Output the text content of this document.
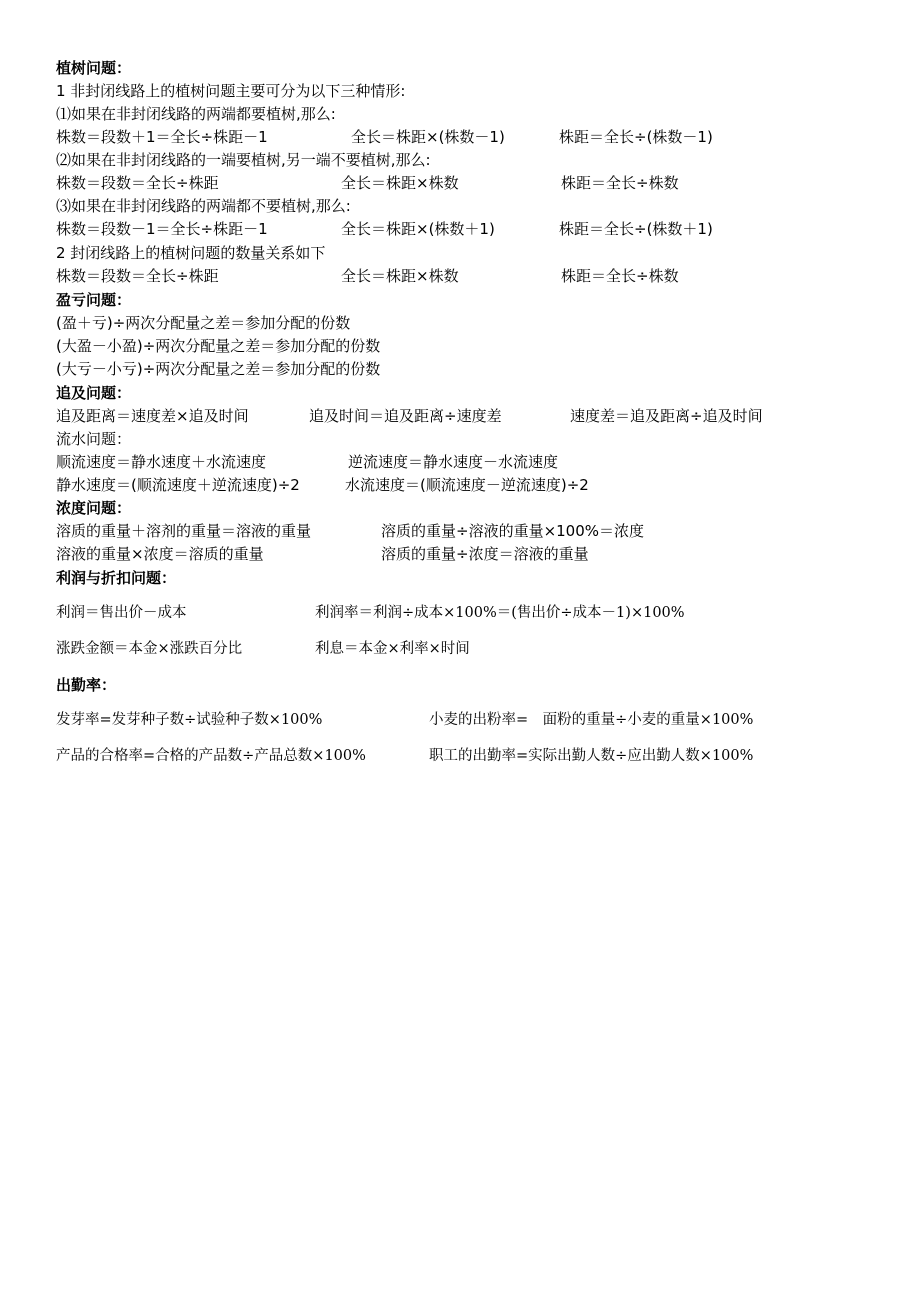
植树问题：
1 非封闭线路上的植树问题主要可分为以下三种情形:
⑴如果在非封闭线路的两端都要植树,那么:
株数＝段数＋1＝全长÷株距－1	全长＝株距×(株数－1)	株距＝全长÷(株数－1)
⑵如果在非封闭线路的一端要植树,另一端不要植树,那么:
株数＝段数＝全长÷株距	全长＝株距×株数	株距＝全长÷株数
⑶如果在非封闭线路的两端都不要植树,那么:
株数＝段数－1＝全长÷株距－1	全长＝株距×(株数＋1)	株距＝全长÷(株数＋1)
2 封闭线路上的植树问题的数量关系如下
株数＝段数＝全长÷株距	全长＝株距×株数	株距＝全长÷株数
盈亏问题：
(盈＋亏)÷两次分配量之差＝参加分配的份数
(大盈－小盈)÷两次分配量之差＝参加分配的份数
(大亏－小亏)÷两次分配量之差＝参加分配的份数
追及问题：
追及距离＝速度差×追及时间	追及时间＝追及距离÷速度差	速度差＝追及距离÷追及时间
流水问题：
顺流速度＝静水速度＋水流速度	逆流速度＝静水速度－水流速度
静水速度＝(顺流速度＋逆流速度)÷2	水流速度＝(顺流速度－逆流速度)÷2
浓度问题：
溶质的重量＋溶剂的重量＝溶液的重量	溶质的重量÷溶液的重量×100%＝浓度
溶液的重量×浓度＝溶质的重量	溶质的重量÷浓度＝溶液的重量
利润与折扣问题：
利润＝售出价－成本	利润率＝利润÷成本×100%＝(售出价÷成本－1)×100%
涨跌金额＝本金×涨跌百分比	利息＝本金×利率×时间
出勤率：
发芽率=发芽种子数÷试验种子数×100%	小麦的出粉率=　面粉的重量÷小麦的重量×100%
产品的合格率=合格的产品数÷产品总数×100%	职工的出勤率=实际出勤人数÷应出勤人数×100%
